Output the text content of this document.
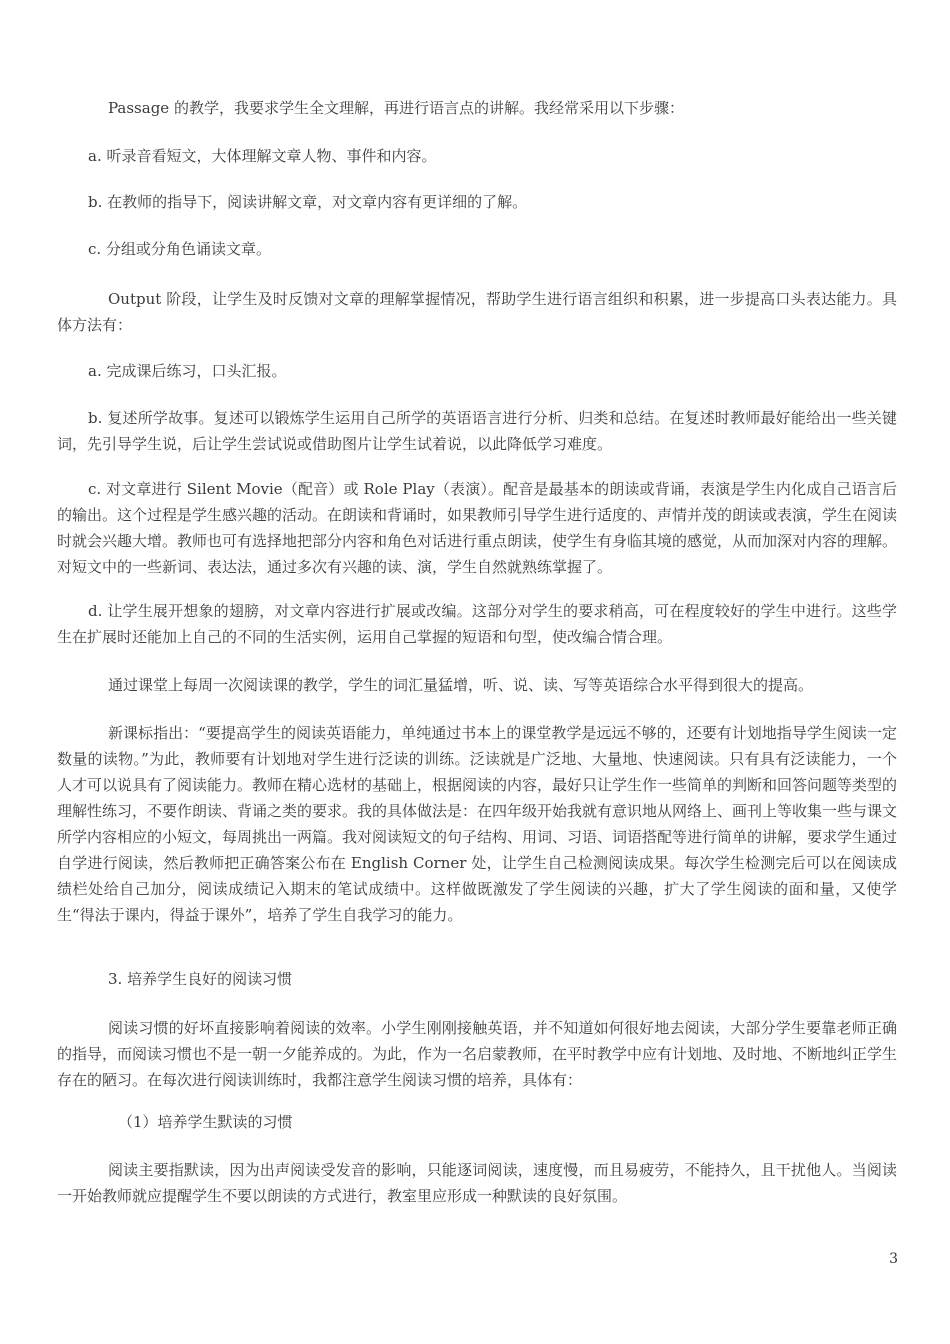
Passage 的教学，我要求学生全文理解，再进行语言点的讲解。我经常采用以下步骤：

a. 听录音看短文，大体理解文章人物、事件和内容。

b. 在教师的指导下，阅读讲解文章，对文章内容有更详细的了解。

c. 分组或分角色诵读文章。

Output 阶段，让学生及时反馈对文章的理解掌握情况，帮助学生进行语言组织和积累，进一步提高口头表达能力。具体方法有：

a. 完成课后练习，口头汇报。

b. 复述所学故事。复述可以锻炼学生运用自己所学的英语语言进行分析、归类和总结。在复述时教师最好能给出一些关键词，先引导学生说，后让学生尝试说或借助图片让学生试着说，以此降低学习难度。

c. 对文章进行 Silent Movie（配音）或 Role Play（表演）。配音是最基本的朗读或背诵，表演是学生内化成自己语言后的输出。这个过程是学生感兴趣的活动。在朗读和背诵时，如果教师引导学生进行适度的、声情并茂的朗读或表演，学生在阅读时就会兴趣大增。教师也可有选择地把部分内容和角色对话进行重点朗读，使学生有身临其境的感觉，从而加深对内容的理解。对短文中的一些新词、表达法，通过多次有兴趣的读、演，学生自然就熟练掌握了。

d. 让学生展开想象的翅膀，对文章内容进行扩展或改编。这部分对学生的要求稍高，可在程度较好的学生中进行。这些学生在扩展时还能加上自己的不同的生活实例，运用自己掌握的短语和句型，使改编合情合理。

通过课堂上每周一次阅读课的教学，学生的词汇量猛增，听、说、读、写等英语综合水平得到很大的提高。

新课标指出：“要提高学生的阅读英语能力，单纯通过书本上的课堂教学是远远不够的，还要有计划地指导学生阅读一定数量的读物。”为此，教师要有计划地对学生进行泛读的训练。泛读就是广泛地、大量地、快速阅读。只有具有泛读能力，一个人才可以说具有了阅读能力。教师在精心选材的基础上，根据阅读的内容，最好只让学生作一些简单的判断和回答问题等类型的理解性练习，不要作朗读、背诵之类的要求。我的具体做法是：在四年级开始我就有意识地从网络上、画刊上等收集一些与课文所学内容相应的小短文，每周挑出一两篇。我对阅读短文的句子结构、用词、习语、词语搭配等进行简单的讲解，要求学生通过自学进行阅读，然后教师把正确答案公布在 English Corner 处，让学生自己检测阅读成果。每次学生检测完后可以在阅读成绩栏处给自己加分，阅读成绩记入期末的笔试成绩中。这样做既激发了学生阅读的兴趣，扩大了学生阅读的面和量，又使学生“得法于课内，得益于课外”，培养了学生自我学习的能力。

3. 培养学生良好的阅读习惯

阅读习惯的好坏直接影响着阅读的效率。小学生刚刚接触英语，并不知道如何很好地去阅读，大部分学生要靠老师正确的指导，而阅读习惯也不是一朝一夕能养成的。为此，作为一名启蒙教师，在平时教学中应有计划地、及时地、不断地纠正学生存在的陋习。在每次进行阅读训练时，我都注意学生阅读习惯的培养，具体有：

（1）培养学生默读的习惯

阅读主要指默读，因为出声阅读受发音的影响，只能逐词阅读，速度慢，而且易疲劳，不能持久，且干扰他人。当阅读一开始教师就应提醒学生不要以朗读的方式进行，教室里应形成一种默读的良好氛围。

3
